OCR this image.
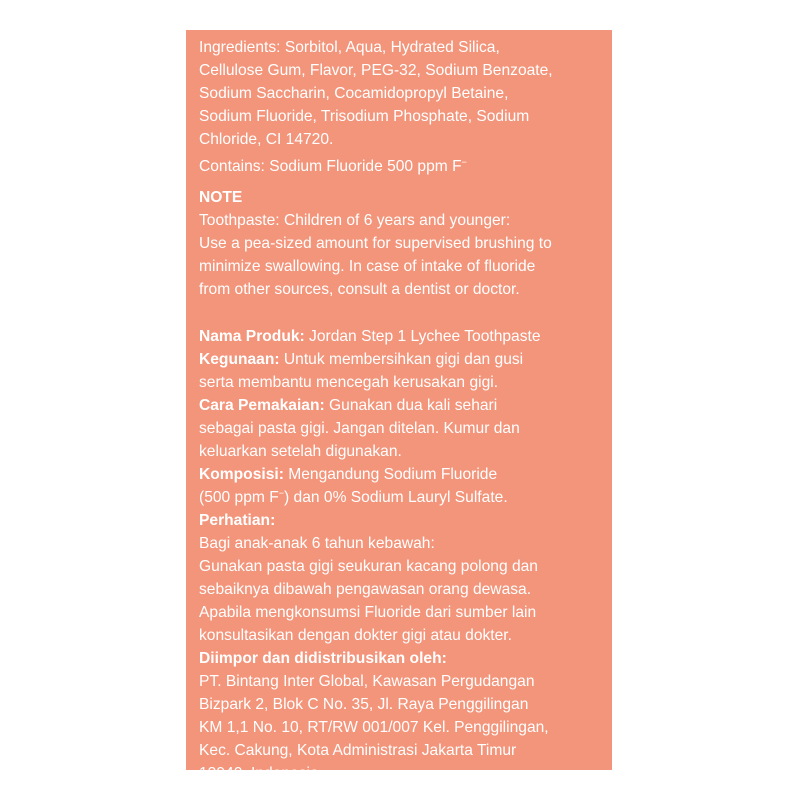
Ingredients: Sorbitol, Aqua, Hydrated Silica,

Cellulose Gum, Flavor, PEG-32, Sodium Benzoate,

Sodium Saccharin, Cocamidopropyl Betaine,

Sodium Fluoride, Trisodium Phosphate, Sodium

Chloride, CI 14720.

Contains: Sodium Fluoride 500 ppm F−

NOTE

Toothpaste: Children of 6 years and younger:

Use a pea-sized amount for supervised brushing to

minimize swallowing. In case of intake of fluoride

from other sources, consult a dentist or doctor.

Nama Produk: Jordan Step 1 Lychee Toothpaste

Kegunaan: Untuk membersihkan gigi dan gusi

serta membantu mencegah kerusakan gigi.

Cara Pemakaian: Gunakan dua kali sehari

sebagai pasta gigi. Jangan ditelan. Kumur dan

keluarkan setelah digunakan.

Komposisi: Mengandung Sodium Fluoride

(500 ppm F−) dan 0% Sodium Lauryl Sulfate.

Perhatian:

Bagi anak-anak 6 tahun kebawah:

Gunakan pasta gigi seukuran kacang polong dan

sebaiknya dibawah pengawasan orang dewasa.

Apabila mengkonsumsi Fluoride dari sumber lain

konsultasikan dengan dokter gigi atau dokter.

Diimpor dan didistribusikan oleh:

PT. Bintang Inter Global, Kawasan Pergudangan

Bizpark 2, Blok C No. 35, Jl. Raya Penggilingan

KM 1,1 No. 10, RT/RW 001/007 Kel. Penggilingan,

Kec. Cakung, Kota Administrasi Jakarta Timur

13940, Indonesia
